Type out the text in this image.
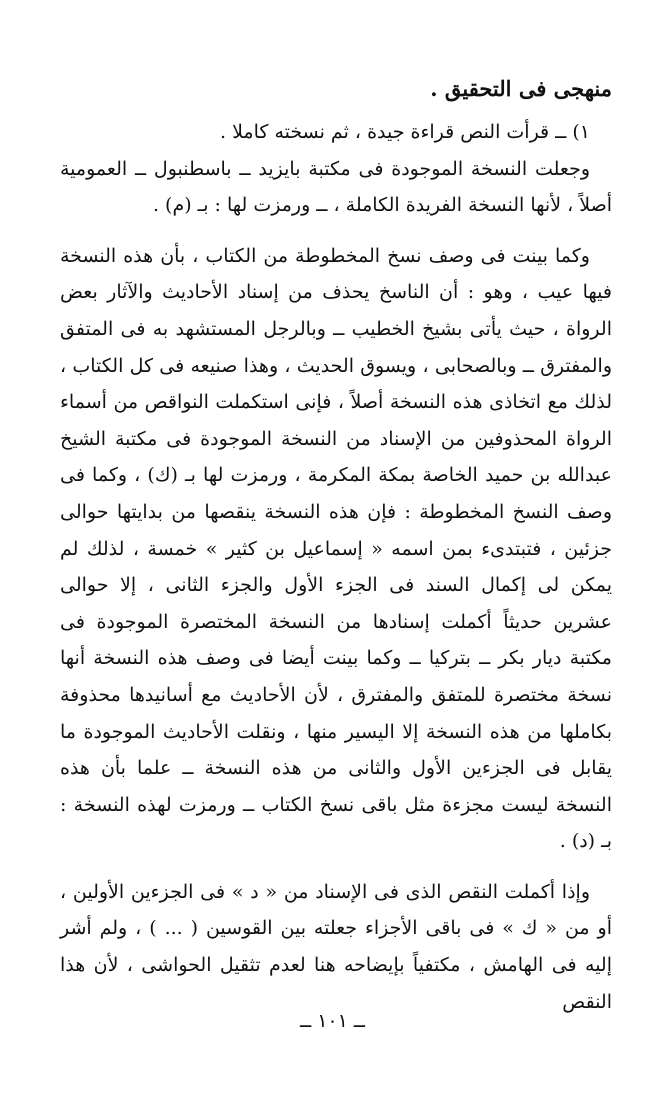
منهجى فى التحقيق .

١) ــ قرأت النص قراءة جيدة ، ثم نسخته كاملا .

وجعلت النسخة الموجودة فى مكتبة بايزيد ــ باسطنبول ــ العمومية أصلاً ، لأنها النسخة الفريدة الكاملة ، ــ ورمزت لها : بـ (م) .

وكما بينت فى وصف نسخ المخطوطة من الكتاب ، بأن هذه النسخة فيها عيب ، وهو : أن الناسخ يحذف من إسناد الأحاديث والآثار بعض الرواة ، حيث يأتى بشيخ الخطيب ــ وبالرجل المستشهد به فى المتفق والمفترق ــ وبالصحابى ، ويسوق الحديث ، وهذا صنيعه فى كل الكتاب ، لذلك مع اتخاذى هذه النسخة أصلاً ، فإنى استكملت النواقص من أسماء الرواة المحذوفين من الإسناد من النسخة الموجودة فى مكتبة الشيخ عبدالله بن حميد الخاصة بمكة المكرمة ، ورمزت لها بـ (ك) ، وكما فى وصف النسخ المخطوطة : فإن هذه النسخة ينقصها من بدايتها حوالى جزئين ، فتبتدىء بمن اسمه « إسماعيل بن كثير » خمسة ، لذلك لم يمكن لى إكمال السند فى الجزء الأول والجزء الثانى ، إلا حوالى عشرين حديثاً أكملت إسنادها من النسخة المختصرة الموجودة فى مكتبة ديار بكر ــ بتركيا ــ وكما بينت أيضا فى وصف هذه النسخة أنها نسخة مختصرة للمتفق والمفترق ، لأن الأحاديث مع أسانيدها محذوفة بكاملها من هذه النسخة إلا اليسير منها ، ونقلت الأحاديث الموجودة ما يقابل فى الجزءين الأول والثانى من هذه النسخة ــ علما بأن هذه النسخة ليست مجزءة مثل باقى نسخ الكتاب ــ ورمزت لهذه النسخة : بـ (د) .

وإذا أكملت النقص الذى فى الإسناد من « د » فى الجزءين الأولين ، أو من « ك » فى باقى الأجزاء جعلته بين القوسين ( ... ) ، ولم أشر إليه فى الهامش ، مكتفياً بإيضاحه هنا لعدم تثقيل الحواشى ، لأن هذا النقص

ــ ١٠١ ــ
